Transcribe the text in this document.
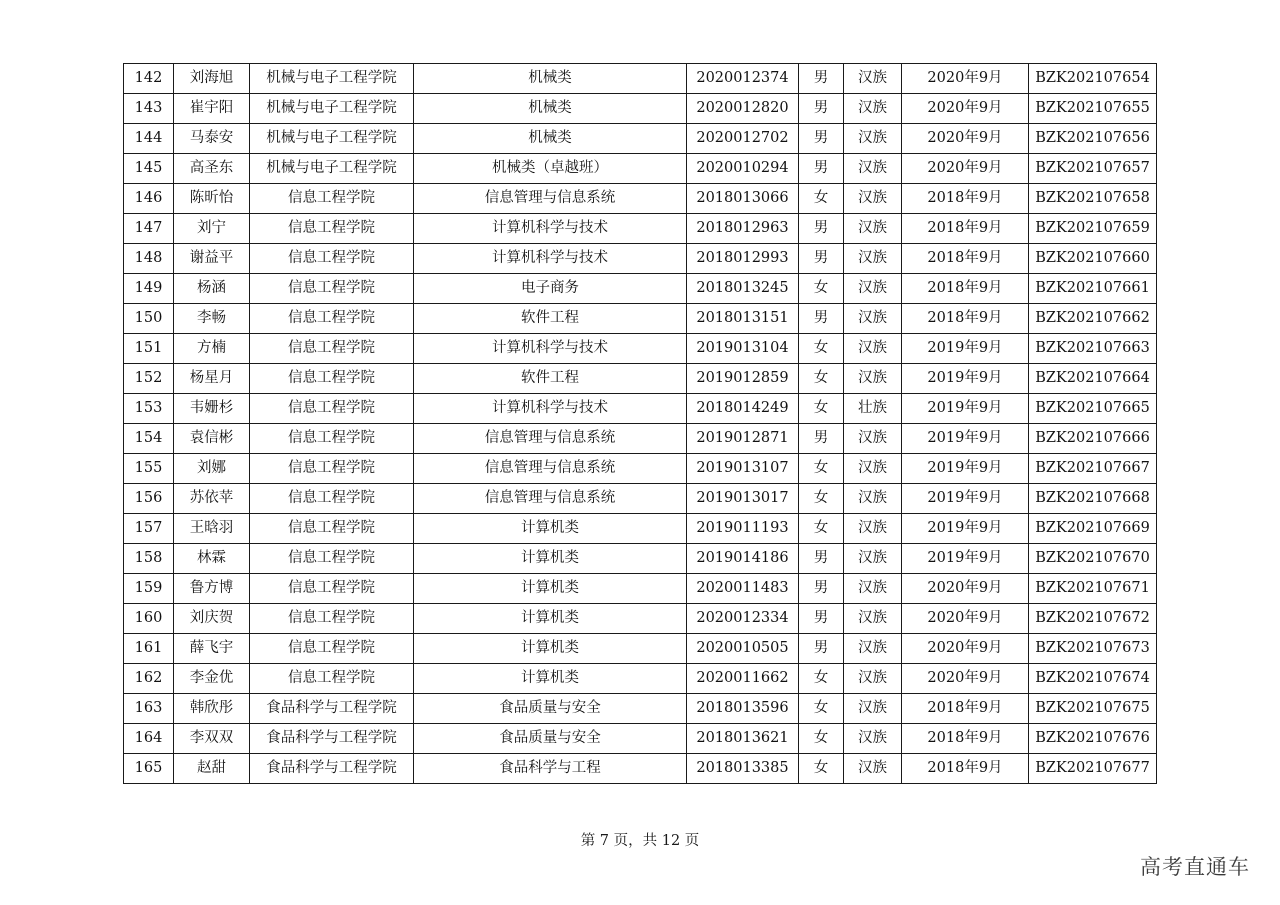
142	刘海旭	机械与电子工程学院	机械类	2020012374	男	汉族	2020年9月	BZK202107654
143	崔宇阳	机械与电子工程学院	机械类	2020012820	男	汉族	2020年9月	BZK202107655
144	马泰安	机械与电子工程学院	机械类	2020012702	男	汉族	2020年9月	BZK202107656
145	高圣东	机械与电子工程学院	机械类（卓越班）	2020010294	男	汉族	2020年9月	BZK202107657
146	陈昕怡	信息工程学院	信息管理与信息系统	2018013066	女	汉族	2018年9月	BZK202107658
147	刘宁	信息工程学院	计算机科学与技术	2018012963	男	汉族	2018年9月	BZK202107659
148	谢益平	信息工程学院	计算机科学与技术	2018012993	男	汉族	2018年9月	BZK202107660
149	杨涵	信息工程学院	电子商务	2018013245	女	汉族	2018年9月	BZK202107661
150	李畅	信息工程学院	软件工程	2018013151	男	汉族	2018年9月	BZK202107662
151	方楠	信息工程学院	计算机科学与技术	2019013104	女	汉族	2019年9月	BZK202107663
152	杨星月	信息工程学院	软件工程	2019012859	女	汉族	2019年9月	BZK202107664
153	韦姗杉	信息工程学院	计算机科学与技术	2018014249	女	壮族	2019年9月	BZK202107665
154	袁信彬	信息工程学院	信息管理与信息系统	2019012871	男	汉族	2019年9月	BZK202107666
155	刘娜	信息工程学院	信息管理与信息系统	2019013107	女	汉族	2019年9月	BZK202107667
156	苏依苹	信息工程学院	信息管理与信息系统	2019013017	女	汉族	2019年9月	BZK202107668
157	王晗羽	信息工程学院	计算机类	2019011193	女	汉族	2019年9月	BZK202107669
158	林霖	信息工程学院	计算机类	2019014186	男	汉族	2019年9月	BZK202107670
159	鲁方博	信息工程学院	计算机类	2020011483	男	汉族	2020年9月	BZK202107671
160	刘庆贺	信息工程学院	计算机类	2020012334	男	汉族	2020年9月	BZK202107672
161	薛飞宇	信息工程学院	计算机类	2020010505	男	汉族	2020年9月	BZK202107673
162	李金优	信息工程学院	计算机类	2020011662	女	汉族	2020年9月	BZK202107674
163	韩欣彤	食品科学与工程学院	食品质量与安全	2018013596	女	汉族	2018年9月	BZK202107675
164	李双双	食品科学与工程学院	食品质量与安全	2018013621	女	汉族	2018年9月	BZK202107676
165	赵甜	食品科学与工程学院	食品科学与工程	2018013385	女	汉族	2018年9月	BZK202107677
第 7 页，共 12 页
高考直通车
